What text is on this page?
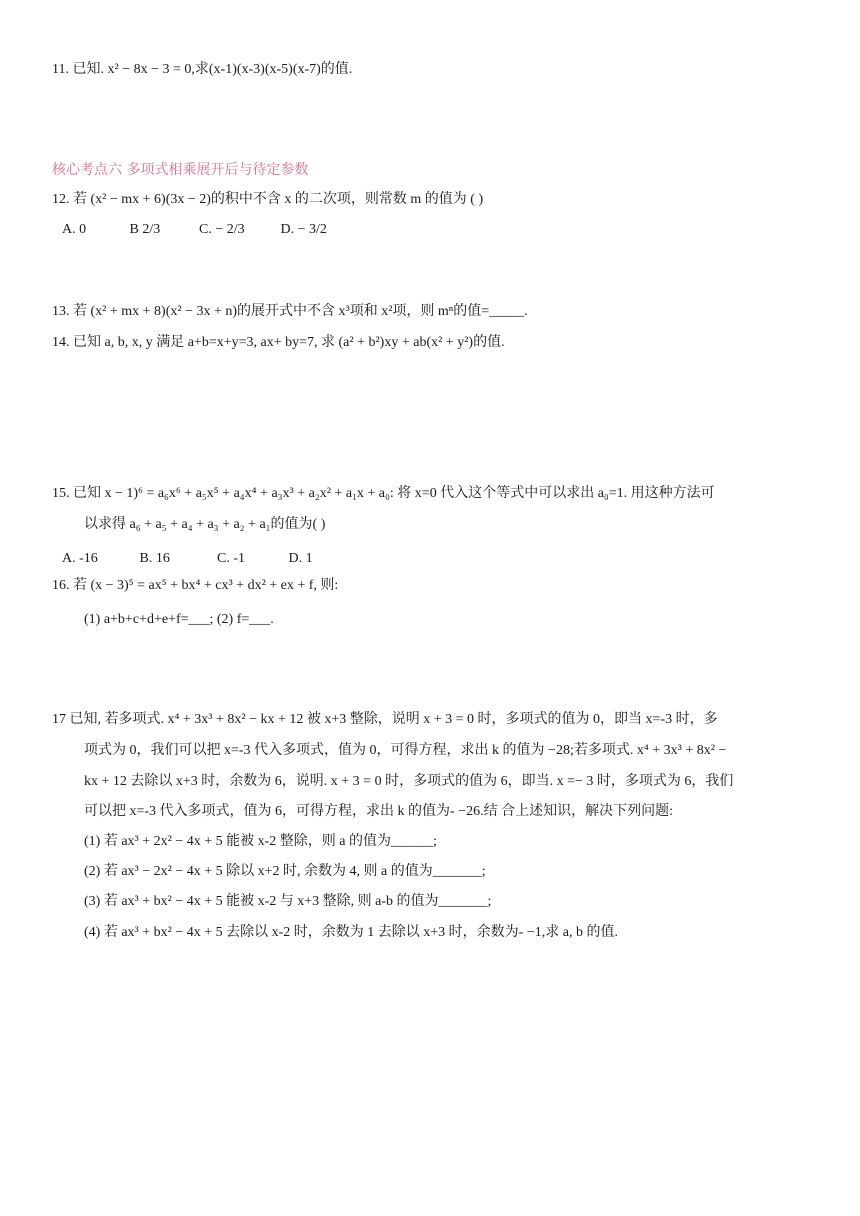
11. 已知. x² − 8x − 3 = 0,求(x-1)(x-3)(x-5)(x-7)的值.
核心考点六 多项式相乘展开后与待定参数
12. 若 (x² − mx + 6)(3x − 2)的积中不含 x 的二次项，则常数 m 的值为 ( )
A. 0	B 2/3	C. − 2/3	D. − 3/2
13. 若 (x² + mx + 8)(x² − 3x + n)的展开式中不含 x³项和 x²项，则 mⁿ的值=_____.
14. 已知 a, b, x, y 满足 a+b=x+y=3, ax+ by=7, 求 (a² + b²)xy + ab(x² + y²)的值.
15. 已知 x − 1)⁶ = a₆x⁶ + a₅x⁵ + a₄x⁴ + a₃x³ + a₂x² + a₁x + a₀: 将 x=0 代入这个等式中可以求出 a₀=1. 用这种方法可
以求得 a₆ + a₅ + a₄ + a₃ + a₂ + a₁的值为( )
A. -16	B. 16	C. -1	D. 1
16. 若 (x − 3)⁵ = ax⁵ + bx⁴ + cx³ + dx² + ex + f, 则:
(1) a+b+c+d+e+f=___; (2) f=___.
17 已知, 若多项式. x⁴ + 3x³ + 8x² − kx + 12 被 x+3 整除，说明 x + 3 = 0 时，多项式的值为 0，即当 x=-3 时，多
项式为 0，我们可以把 x=-3 代入多项式，值为 0，可得方程，求出 k 的值为 −28;若多项式. x⁴ + 3x³ + 8x² −
kx + 12 去除以 x+3 时，余数为 6，说明. x + 3 = 0 时，多项式的值为 6，即当. x =− 3 时，多项式为 6，我们
可以把 x=-3 代入多项式，值为 6，可得方程，求出 k 的值为- −26.结 合上述知识，解决下列问题:
(1) 若 ax³ + 2x² − 4x + 5 能被 x-2 整除，则 a 的值为______;
(2) 若 ax³ − 2x² − 4x + 5 除以 x+2 时, 余数为 4, 则 a 的值为_______;
(3) 若 ax³ + bx² − 4x + 5 能被 x-2 与 x+3 整除, 则 a-b 的值为_______;
(4) 若 ax³ + bx² − 4x + 5 去除以 x-2 时，余数为 1 去除以 x+3 时，余数为- −1,求 a, b 的值.
